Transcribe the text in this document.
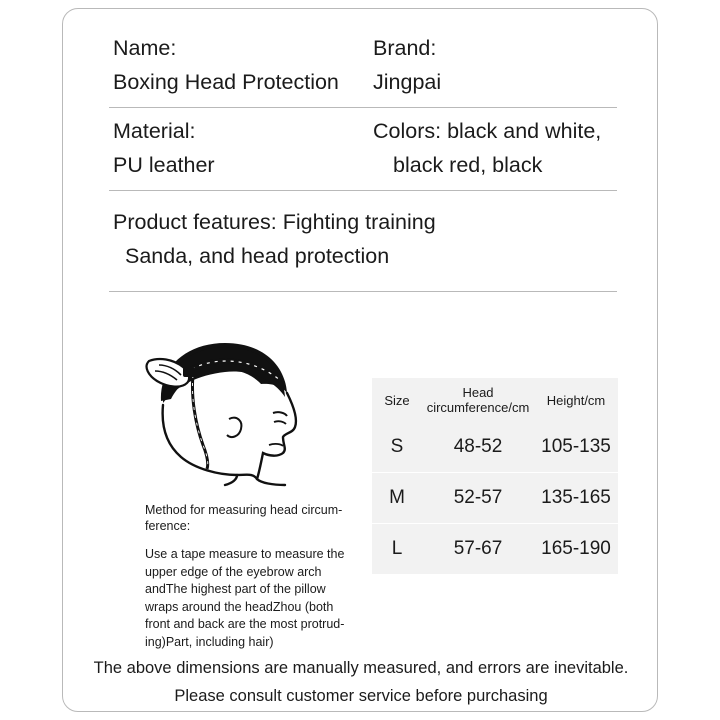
Name:
Boxing Head Protection
Brand:
Jingpai
Material:
PU leather
Colors: black and white,
black red, black
Product features: Fighting training
Sanda, and head protection
Method for measuring head circum-
ference:
Use a tape measure to measure the
upper edge of the eyebrow arch
andThe highest part of the pillow
wraps around the headZhou (both
front and back are the most protrud-
ing)Part, including hair)
Size	Head circumference/cm	Height/cm
S	48-52	105-135
M	52-57	135-165
L	57-67	165-190
The above dimensions are manually measured, and errors are inevitable.
Please consult customer service before purchasing
